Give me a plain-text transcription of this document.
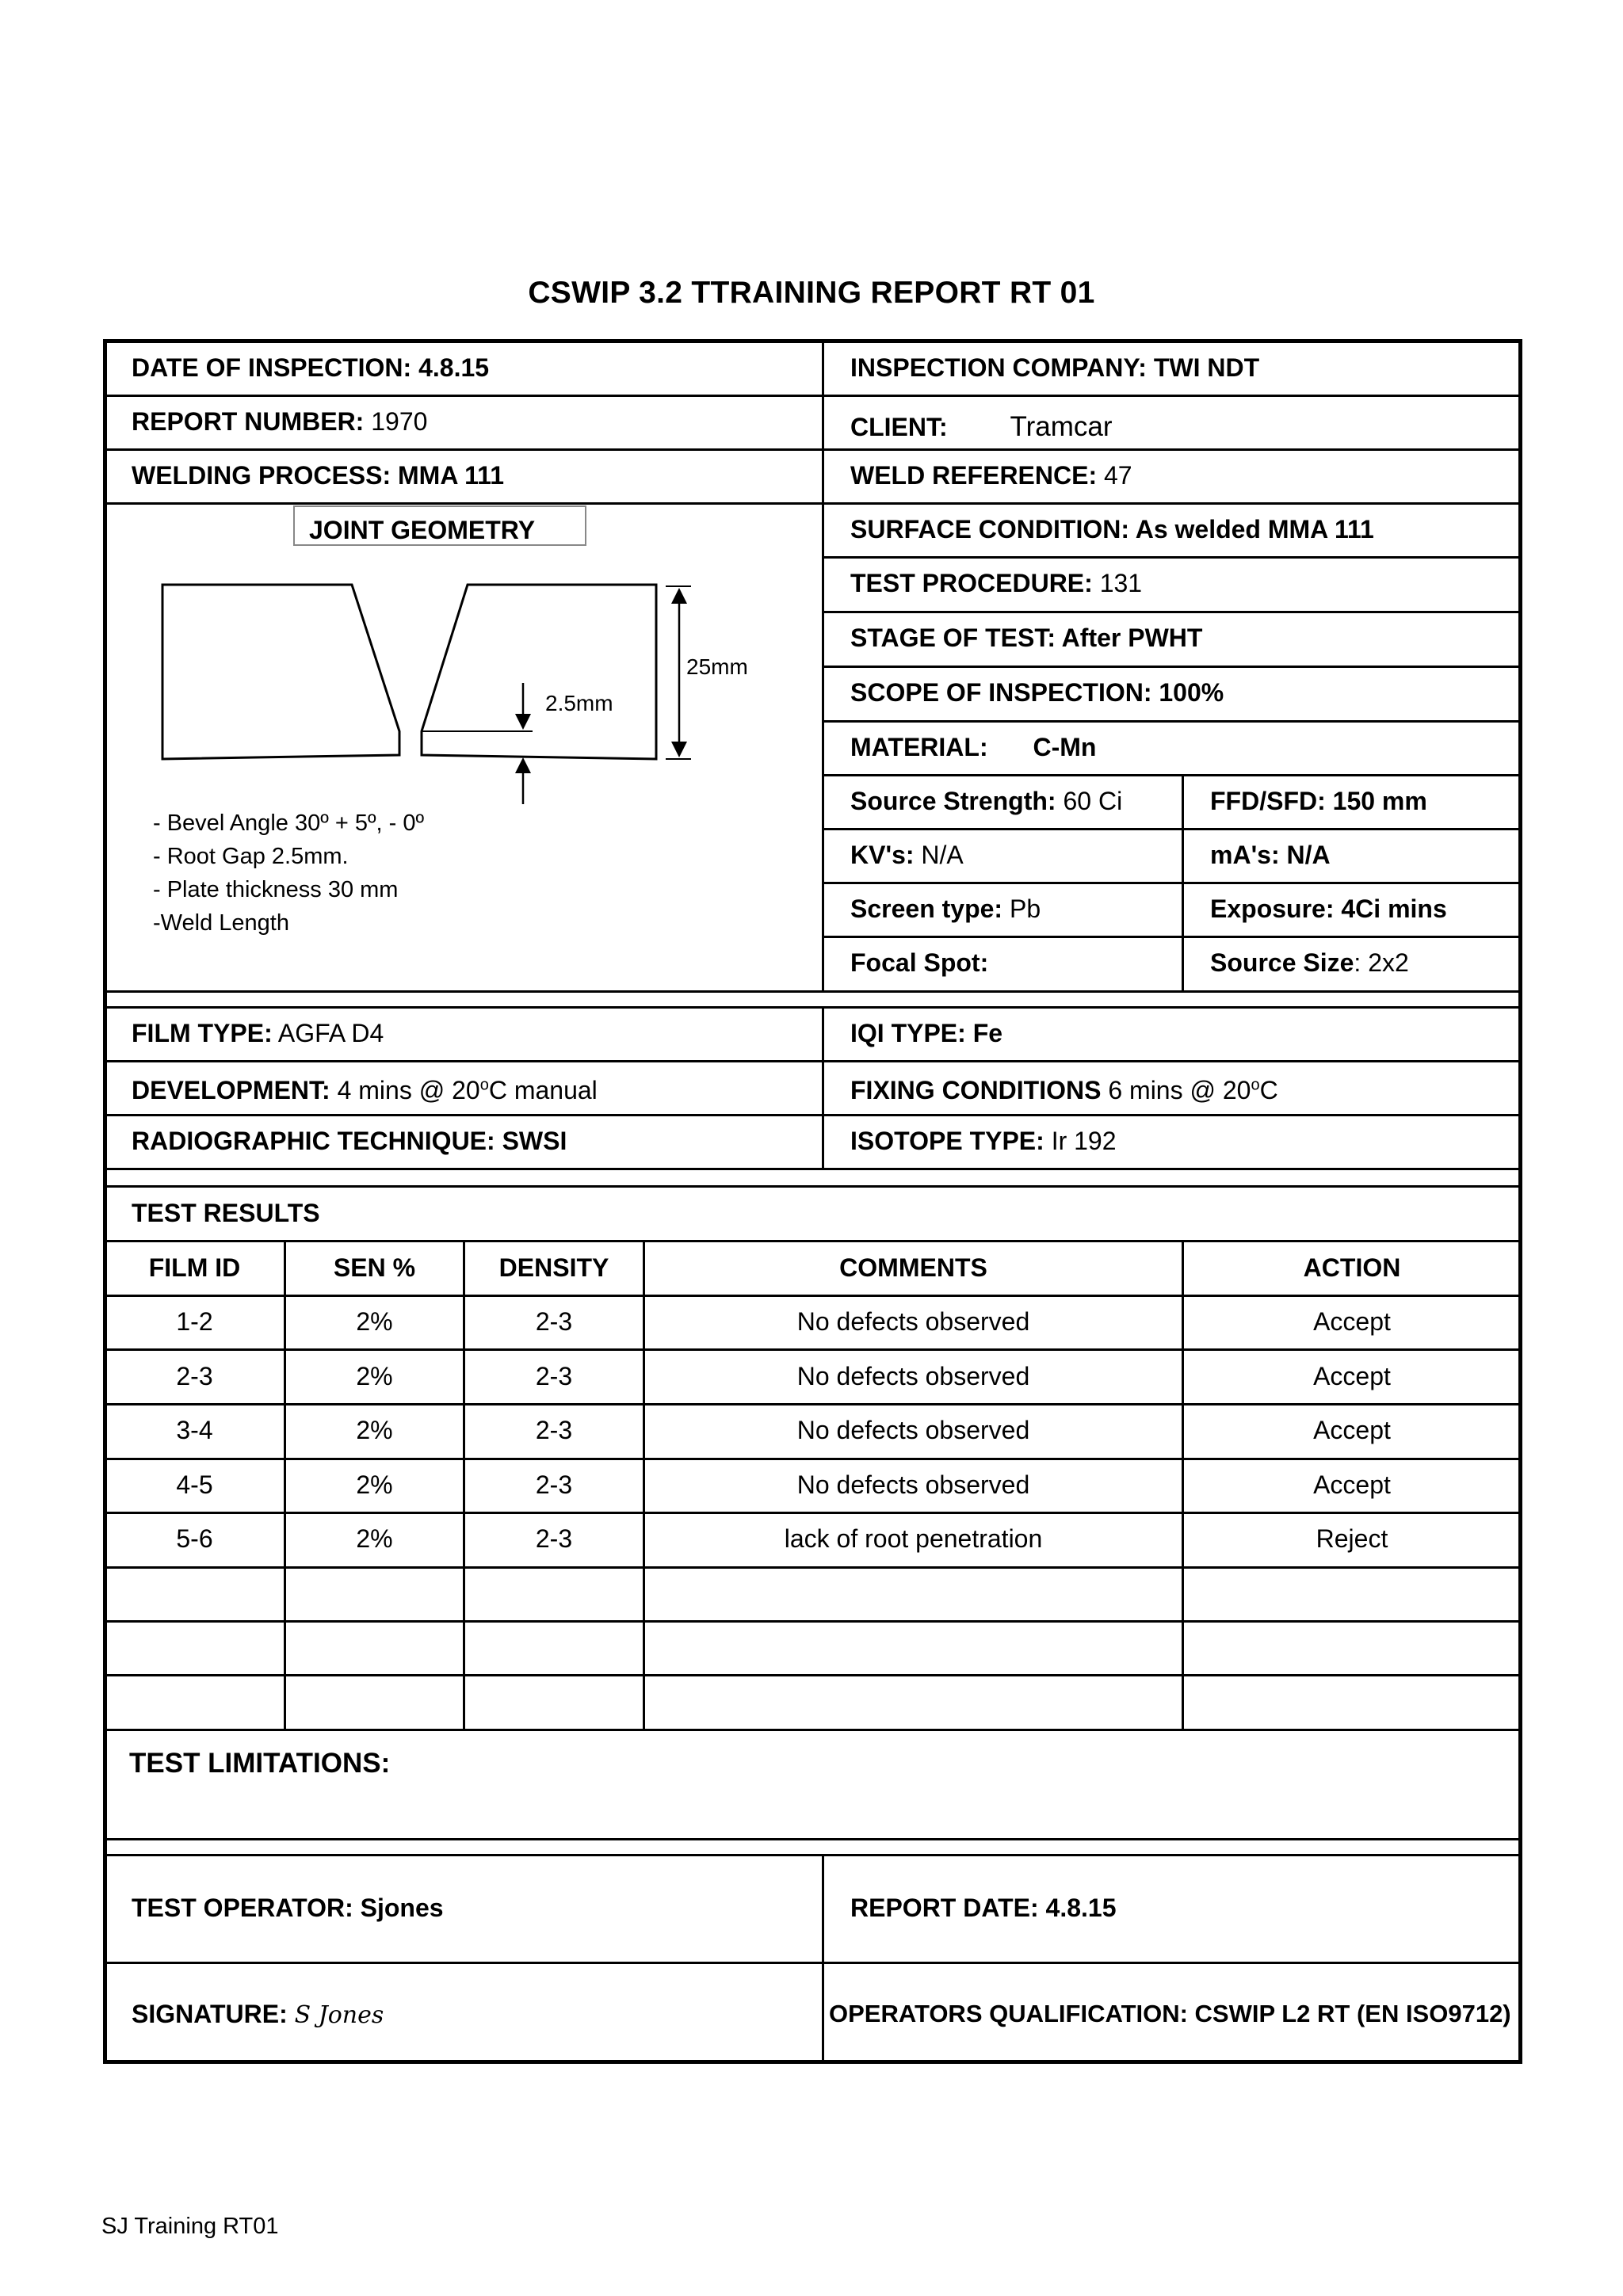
CSWIP 3.2 TTRAINING REPORT RT 01
DATE OF INSPECTION: 4.8.15	INSPECTION COMPANY: TWI NDT
REPORT NUMBER: 1970	CLIENT: Tramcar
WELDING PROCESS: MMA 111	WELD REFERENCE: 47
JOINT GEOMETRY
25mm
2.5mm
- Bevel Angle 30º + 5º, - 0º
- Root Gap 2.5mm.
- Plate thickness 30 mm
-Weld Length
SURFACE CONDITION: As welded MMA 111
TEST PROCEDURE: 131
STAGE OF TEST: After PWHT
SCOPE OF INSPECTION: 100%
MATERIAL: C-Mn
Source Strength: 60 Ci	FFD/SFD: 150 mm
KV's: N/A	mA's: N/A
Screen type: Pb	Exposure: 4Ci mins
Focal Spot:	Source Size: 2x2
FILM TYPE: AGFA D4	IQI TYPE: Fe
DEVELOPMENT: 4 mins @ 20$^o$C manual	FIXING CONDITIONS 6 mins @ 20$^o$C
RADIOGRAPHIC TECHNIQUE: SWSI	ISOTOPE TYPE: Ir 192
TEST RESULTS
FILM ID	SEN %	DENSITY	COMMENTS	ACTION
1-2	2%	2-3	No defects observed	Accept
2-3	2%	2-3	No defects observed	Accept
3-4	2%	2-3	No defects observed	Accept
4-5	2%	2-3	No defects observed	Accept
5-6	2%	2-3	lack of root penetration	Reject
TEST LIMITATIONS:
TEST OPERATOR: Sjones	REPORT DATE: 4.8.15
SIGNATURE: S Jones	OPERATORS QUALIFICATION: CSWIP L2 RT (EN ISO9712)
SJ Training RT01
